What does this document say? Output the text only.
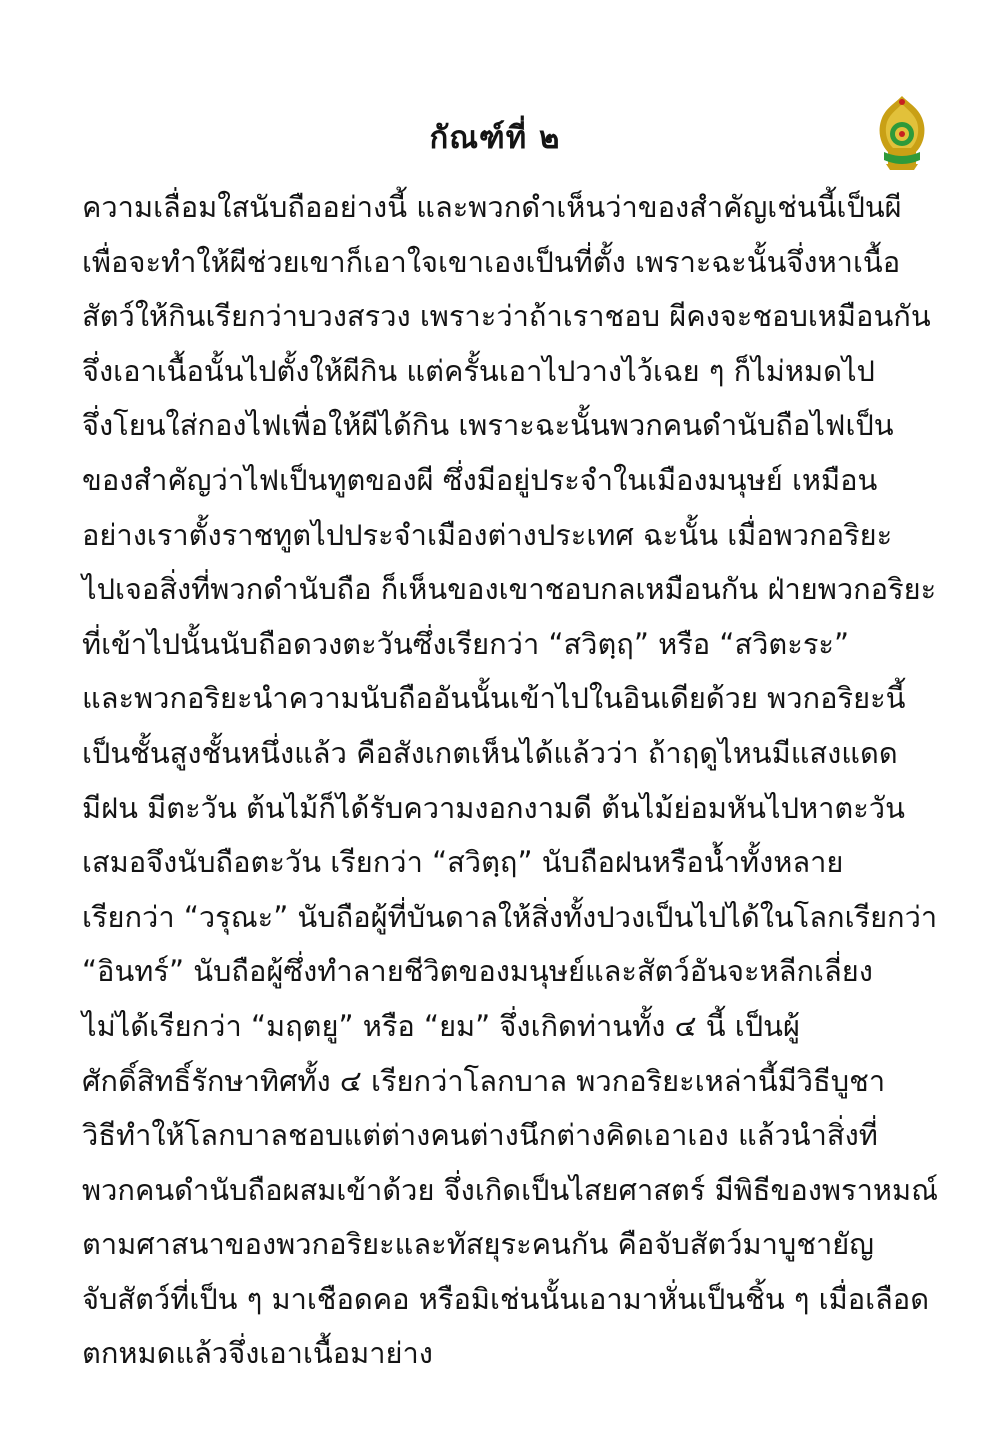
กัณฑ์ที่ ๒
ความเลื่อมใสนับถืออย่างนี้ และพวกดำเห็นว่าของสำคัญเช่นนี้เป็นผี
เพื่อจะทำให้ผีช่วยเขาก็เอาใจเขาเองเป็นที่ตั้ง เพราะฉะนั้นจึ่งหาเนื้อ
สัตว์ให้กินเรียกว่าบวงสรวง เพราะว่าถ้าเราชอบ ผีคงจะชอบเหมือนกัน
จึ่งเอาเนื้อนั้นไปตั้งให้ผีกิน แต่ครั้นเอาไปวางไว้เฉย ๆ ก็ไม่หมดไป
จึ่งโยนใส่กองไฟเพื่อให้ผีได้กิน เพราะฉะนั้นพวกคนดำนับถือไฟเป็น
ของสำคัญว่าไฟเป็นทูตของผี ซึ่งมีอยู่ประจำในเมืองมนุษย์ เหมือน
อย่างเราตั้งราชทูตไปประจำเมืองต่างประเทศ ฉะนั้น เมื่อพวกอริยะ
ไปเจอสิ่งที่พวกดำนับถือ ก็เห็นของเขาชอบกลเหมือนกัน ฝ่ายพวกอริยะ
ที่เข้าไปนั้นนับถือดวงตะวันซึ่งเรียกว่า “สวิตฺฤ” หรือ “สวิตะระ”
และพวกอริยะนำความนับถืออันนั้นเข้าไปในอินเดียด้วย พวกอริยะนี้
เป็นชั้นสูงชั้นหนึ่งแล้ว คือสังเกตเห็นได้แล้วว่า ถ้าฤดูไหนมีแสงแดด
มีฝน มีตะวัน ต้นไม้ก็ได้รับความงอกงามดี ต้นไม้ย่อมหันไปหาตะวัน
เสมอจึงนับถือตะวัน เรียกว่า “สวิตฺฤ” นับถือฝนหรือน้ำทั้งหลาย
เรียกว่า “วรุณะ” นับถือผู้ที่บันดาลให้สิ่งทั้งปวงเป็นไปได้ในโลกเรียกว่า
“อินทร์” นับถือผู้ซึ่งทำลายชีวิตของมนุษย์และสัตว์อันจะหลีกเลี่ยง
ไม่ได้เรียกว่า “มฤตยู” หรือ “ยม” จึ่งเกิดท่านทั้ง ๔ นี้ เป็นผู้
ศักดิ์สิทธิ์รักษาทิศทั้ง ๔ เรียกว่าโลกบาล พวกอริยะเหล่านี้มีวิธีบูชา
วิธีทำให้โลกบาลชอบแต่ต่างคนต่างนึกต่างคิดเอาเอง แล้วนำสิ่งที่
พวกคนดำนับถือผสมเข้าด้วย จึ่งเกิดเป็นไสยศาสตร์ มีพิธีของพราหมณ์
ตามศาสนาของพวกอริยะและทัสยุระคนกัน คือจับสัตว์มาบูชายัญ
จับสัตว์ที่เป็น ๆ มาเชือดคอ หรือมิเช่นนั้นเอามาหั่นเป็นชิ้น ๆ เมื่อเลือด
ตกหมดแล้วจึ่งเอาเนื้อมาย่าง
